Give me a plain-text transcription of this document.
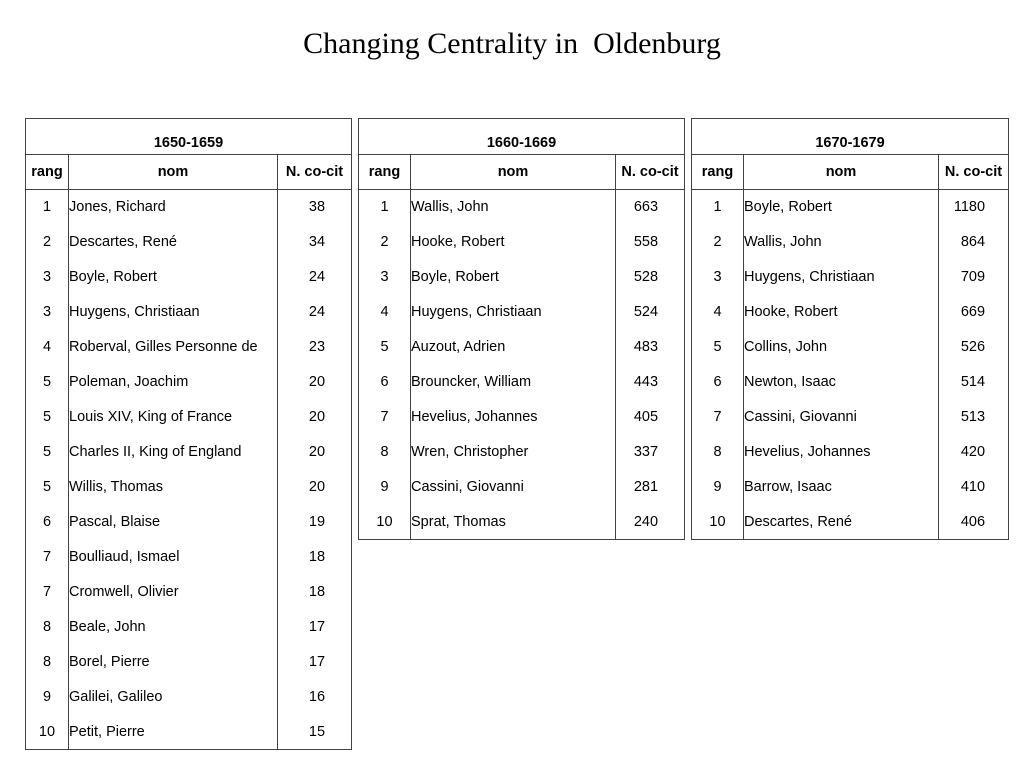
Changing Centrality in  Oldenburg
1650-1659		
rang	nom	N. co-cit
1	Jones, Richard	38
2	Descartes, René	34
3	Boyle, Robert	24
3	Huygens, Christiaan	24
4	Roberval, Gilles Personne de	23
5	Poleman, Joachim	20
5	Louis XIV, King of France	20
5	Charles II, King of England	20
5	Willis, Thomas	20
6	Pascal, Blaise	19
7	Boulliaud, Ismael	18
7	Cromwell, Olivier	18
8	Beale, John	17
8	Borel, Pierre	17
9	Galilei, Galileo	16
10	Petit, Pierre	15
1660-1669		
rang	nom	N. co-cit
1	Wallis, John	663
2	Hooke, Robert	558
3	Boyle, Robert	528
4	Huygens, Christiaan	524
5	Auzout, Adrien	483
6	Brouncker, William	443
7	Hevelius, Johannes	405
8	Wren, Christopher	337
9	Cassini, Giovanni	281
10	Sprat, Thomas	240
1670-1679		
rang	nom	N. co-cit
1	Boyle, Robert	1180
2	Wallis, John	864
3	Huygens, Christiaan	709
4	Hooke, Robert	669
5	Collins, John	526
6	Newton, Isaac	514
7	Cassini, Giovanni	513
8	Hevelius, Johannes	420
9	Barrow, Isaac	410
10	Descartes, René	406
